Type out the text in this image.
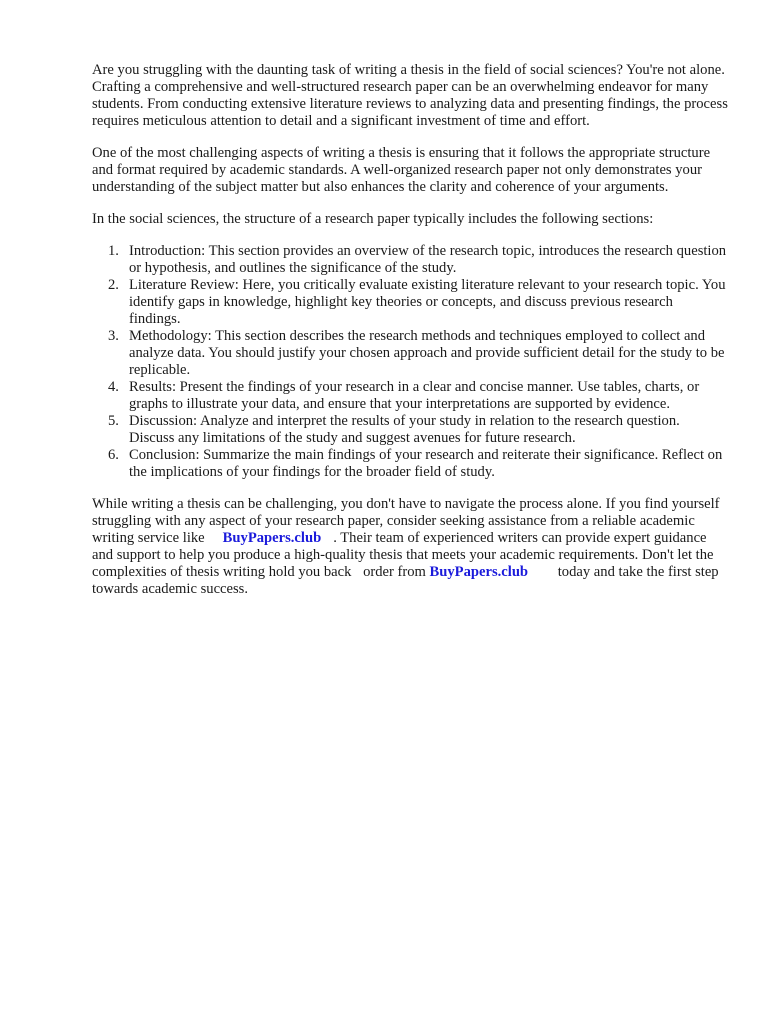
Are you struggling with the daunting task of writing a thesis in the field of social sciences? You're not alone. Crafting a comprehensive and well-structured research paper can be an overwhelming endeavor for many students. From conducting extensive literature reviews to analyzing data and presenting findings, the process requires meticulous attention to detail and a significant investment of time and effort.

One of the most challenging aspects of writing a thesis is ensuring that it follows the appropriate structure and format required by academic standards. A well-organized research paper not only demonstrates your understanding of the subject matter but also enhances the clarity and coherence of your arguments.

In the social sciences, the structure of a research paper typically includes the following sections:

1. Introduction: This section provides an overview of the research topic, introduces the research question or hypothesis, and outlines the significance of the study.
2. Literature Review: Here, you critically evaluate existing literature relevant to your research topic. You identify gaps in knowledge, highlight key theories or concepts, and discuss previous research findings.
3. Methodology: This section describes the research methods and techniques employed to collect and analyze data. You should justify your chosen approach and provide sufficient detail for the study to be replicable.
4. Results: Present the findings of your research in a clear and concise manner. Use tables, charts, or graphs to illustrate your data, and ensure that your interpretations are supported by evidence.
5. Discussion: Analyze and interpret the results of your study in relation to the research question. Discuss any limitations of the study and suggest avenues for future research.
6. Conclusion: Summarize the main findings of your research and reiterate their significance. Reflect on the implications of your findings for the broader field of study.

While writing a thesis can be challenging, you don't have to navigate the process alone. If you find yourself struggling with any aspect of your research paper, consider seeking assistance from a reliable academic writing service like BuyPapers.club . Their team of experienced writers can provide expert guidance and support to help you produce a high-quality thesis that meets your academic requirements. Don't let the complexities of thesis writing hold you back order from BuyPapers.club today and take the first step towards academic success.
